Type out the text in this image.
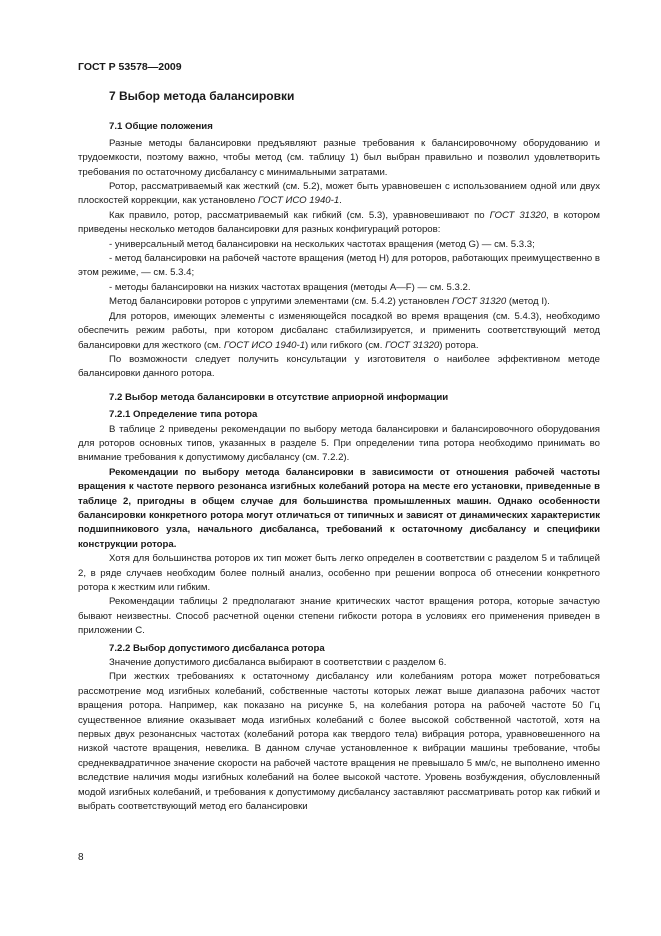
ГОСТ Р 53578—2009
7 Выбор метода балансировки
7.1 Общие положения

Разные методы балансировки предъявляют разные требования к балансировочному оборудованию и трудоемкости, поэтому важно, чтобы метод (см. таблицу 1) был выбран правильно и позволил удовлетворить требования по остаточному дисбалансу с минимальными затратами.

Ротор, рассматриваемый как жесткий (см. 5.2), может быть уравновешен с использованием одной или двух плоскостей коррекции, как установлено ГОСТ ИСО 1940-1.

Как правило, ротор, рассматриваемый как гибкий (см. 5.3), уравновешивают по ГОСТ 31320, в котором приведены несколько методов балансировки для разных конфигураций роторов:

- универсальный метод балансировки на нескольких частотах вращения (метод G) — см. 5.3.3;
- метод балансировки на рабочей частоте вращения (метод H) для роторов, работающих преимущественно в этом режиме, — см. 5.3.4;
- методы балансировки на низких частотах вращения (методы А—F) — см. 5.3.2.

Метод балансировки роторов с упругими элементами (см. 5.4.2) установлен ГОСТ 31320 (метод I).

Для роторов, имеющих элементы с изменяющейся посадкой во время вращения (см. 5.4.3), необходимо обеспечить режим работы, при котором дисбаланс стабилизируется, и применить соответствующий метод балансировки для жесткого (см. ГОСТ ИСО 1940-1) или гибкого (см. ГОСТ 31320) ротора.

По возможности следует получить консультации у изготовителя о наиболее эффективном методе балансировки данного ротора.

7.2 Выбор метода балансировки в отсутствие априорной информации
7.2.1 Определение типа ротора

В таблице 2 приведены рекомендации по выбору метода балансировки и балансировочного оборудования для роторов основных типов, указанных в разделе 5. При определении типа ротора необходимо принимать во внимание требования к допустимому дисбалансу (см. 7.2.2).

Рекомендации по выбору метода балансировки в зависимости от отношения рабочей частоты вращения к частоте первого резонанса изгибных колебаний ротора на месте его установки, приведенные в таблице 2, пригодны в общем случае для большинства промышленных машин. Однако особенности балансировки конкретного ротора могут отличаться от типичных и зависят от динамических характеристик подшипникового узла, начального дисбаланса, требований к остаточному дисбалансу и специфики конструкции ротора.

Хотя для большинства роторов их тип может быть легко определен в соответствии с разделом 5 и таблицей 2, в ряде случаев необходим более полный анализ, особенно при решении вопроса об отнесении конкретного ротора к жестким или гибким.

Рекомендации таблицы 2 предполагают знание критических частот вращения ротора, которые зачастую бывают неизвестны. Способ расчетной оценки степени гибкости ротора в условиях его применения приведен в приложении С.

7.2.2 Выбор допустимого дисбаланса ротора

Значение допустимого дисбаланса выбирают в соответствии с разделом 6.

При жестких требованиях к остаточному дисбалансу или колебаниям ротора может потребоваться рассмотрение мод изгибных колебаний, собственные частоты которых лежат выше диапазона рабочих частот вращения ротора. Например, как показано на рисунке 5, на колебания ротора на рабочей частоте 50 Гц существенное влияние оказывает мода изгибных колебаний с более высокой собственной частотой, хотя на первых двух резонансных частотах (колебаний ротора как твердого тела) вибрация ротора, уравновешенного на низкой частоте вращения, невелика. В данном случае установленное к вибрации машины требование, чтобы среднеквадратичное значение скорости на рабочей частоте вращения не превышало 5 мм/с, не выполнено именно вследствие наличия моды изгибных колебаний на более высокой частоте. Уровень возбуждения, обусловленный модой изгибных колебаний, и требования к допустимому дисбалансу заставляют рассматривать ротор как гибкий и выбрать соответствующий метод его балансировки

8
